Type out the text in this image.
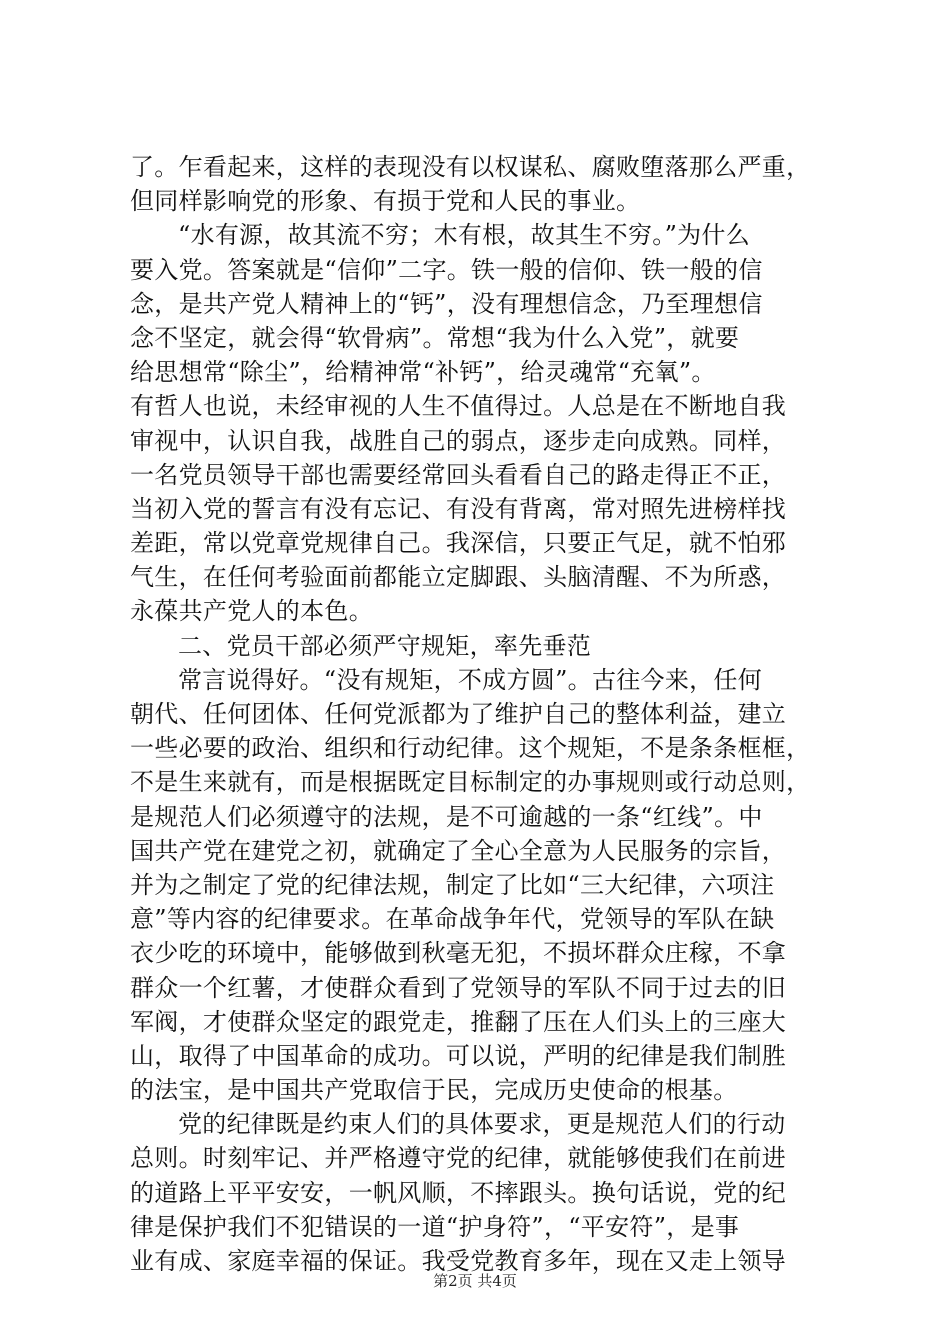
了。乍看起来，这样的表现没有以权谋私、腐败堕落那么严重，
但同样影响党的形象、有损于党和人民的事业。
“水有源，故其流不穷；木有根，故其生不穷。”为什么
要入党。答案就是“信仰”二字。铁一般的信仰、铁一般的信
念，是共产党人精神上的“钙”，没有理想信念，乃至理想信
念不坚定，就会得“软骨病”。常想“我为什么入党”，就要
给思想常“除尘”，给精神常“补钙”，给灵魂常“充氧”。
有哲人也说，未经审视的人生不值得过。人总是在不断地自我
审视中，认识自我，战胜自己的弱点，逐步走向成熟。同样，
一名党员领导干部也需要经常回头看看自己的路走得正不正，
当初入党的誓言有没有忘记、有没有背离，常对照先进榜样找
差距，常以党章党规律自己。我深信，只要正气足，就不怕邪
气生，在任何考验面前都能立定脚跟、头脑清醒、不为所惑，
永葆共产党人的本色。
二、党员干部必须严守规矩，率先垂范
常言说得好。“没有规矩，不成方圆”。古往今来，任何
朝代、任何团体、任何党派都为了维护自己的整体利益，建立
一些必要的政治、组织和行动纪律。这个规矩，不是条条框框，
不是生来就有，而是根据既定目标制定的办事规则或行动总则，
是规范人们必须遵守的法规，是不可逾越的一条“红线”。中
国共产党在建党之初，就确定了全心全意为人民服务的宗旨，
并为之制定了党的纪律法规，制定了比如“三大纪律，六项注
意”等内容的纪律要求。在革命战争年代，党领导的军队在缺
衣少吃的环境中，能够做到秋毫无犯，不损坏群众庄稼，不拿
群众一个红薯，才使群众看到了党领导的军队不同于过去的旧
军阀，才使群众坚定的跟党走，推翻了压在人们头上的三座大
山，取得了中国革命的成功。可以说，严明的纪律是我们制胜
的法宝，是中国共产党取信于民，完成历史使命的根基。
党的纪律既是约束人们的具体要求，更是规范人们的行动
总则。时刻牢记、并严格遵守党的纪律，就能够使我们在前进
的道路上平平安安，一帆风顺，不摔跟头。换句话说，党的纪
律是保护我们不犯错误的一道“护身符”，“平安符”，是事
业有成、家庭幸福的保证。我受党教育多年，现在又走上领导
第2页 共4页
